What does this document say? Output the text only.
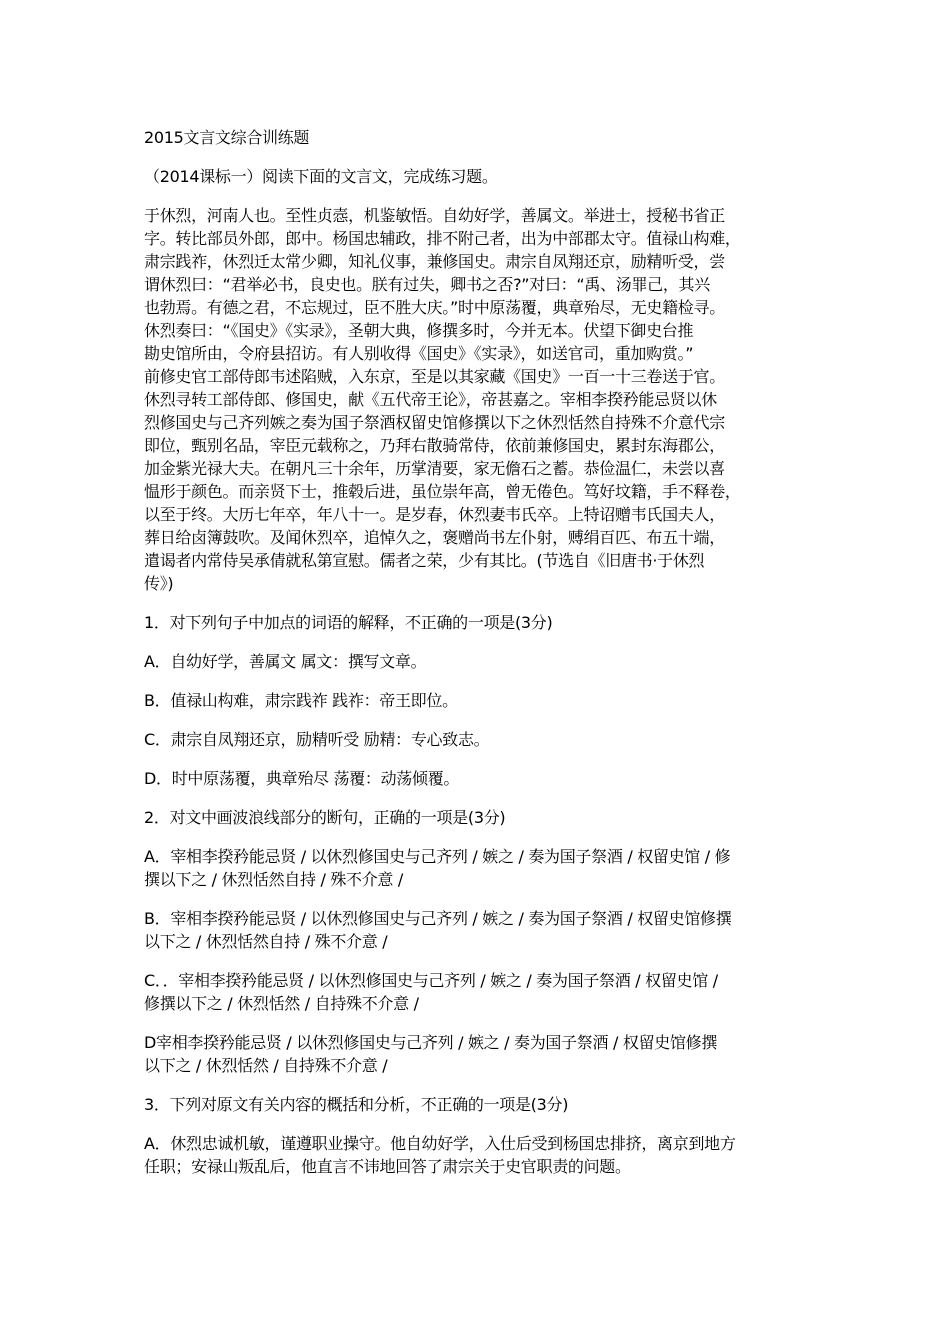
2015文言文综合训练题

（2014课标一）阅读下面的文言文，完成练习题。

于休烈，河南人也。至性贞悫，机鉴敏悟。自幼好学，善属文。举进士，授秘书省正
字。转比部员外郎，郎中。杨国忠辅政，排不附己者，出为中部郡太守。值禄山构难，
肃宗践祚，休烈迁太常少卿，知礼仪事，兼修国史。肃宗自凤翔还京，励精听受，尝
谓休烈曰：“君举必书，良史也。朕有过失，卿书之否?”对曰：“禹、汤罪己，其兴
也勃焉。有德之君，不忘规过，臣不胜大庆。”时中原荡覆，典章殆尽，无史籍检寻。
休烈奏曰：“《国史》《实录》，圣朝大典，修撰多时，今并无本。伏望下御史台推
勘史馆所由，令府县招访。有人别收得《国史》《实录》，如送官司，重加购赏。”
前修史官工部侍郎韦述陷贼，入东京，至是以其家藏《国史》一百一十三卷送于官。
休烈寻转工部侍郎、修国史，献《五代帝王论》，帝甚嘉之。宰相李揆矜能忌贤以休
烈修国史与己齐列嫉之奏为国子祭酒权留史馆修撰以下之休烈恬然自持殊不介意代宗
即位，甄别名品，宰臣元载称之，乃拜右散骑常侍，依前兼修国史，累封东海郡公，
加金紫光禄大夫。在朝凡三十余年，历掌清要，家无儋石之蓄。恭俭温仁，未尝以喜
愠形于颜色。而亲贤下士，推毂后进，虽位崇年高，曾无倦色。笃好坟籍，手不释卷，
以至于终。大历七年卒，年八十一。是岁春，休烈妻韦氏卒。上特诏赠韦氏国夫人，
葬日给卤簿鼓吹。及闻休烈卒，追悼久之，褒赠尚书左仆射，赙绢百匹、布五十端，
遣谒者内常侍吴承倩就私第宣慰。儒者之荣，少有其比。(节选自《旧唐书·于休烈
传》)

1．对下列句子中加点的词语的解释，不正确的一项是(3分)

A．自幼好学，善属文 属文：撰写文章。

B．值禄山构难，肃宗践祚 践祚：帝王即位。

C．肃宗自凤翔还京，励精听受 励精：专心致志。

D．时中原荡覆，典章殆尽 荡覆：动荡倾覆。

2．对文中画波浪线部分的断句，正确的一项是(3分)

A．宰相李揆矜能忌贤 / 以休烈修国史与己齐列 / 嫉之 / 奏为国子祭酒 / 权留史馆 / 修
撰以下之 / 休烈恬然自持 / 殊不介意 /

B．宰相李揆矜能忌贤 / 以休烈修国史与己齐列 / 嫉之 / 奏为国子祭酒 / 权留史馆修撰
以下之 / 休烈恬然自持 / 殊不介意 /

C．．宰相李揆矜能忌贤 / 以休烈修国史与己齐列 / 嫉之 / 奏为国子祭酒 / 权留史馆 /
修撰以下之 / 休烈恬然 / 自持殊不介意 /

D宰相李揆矜能忌贤 / 以休烈修国史与己齐列 / 嫉之 / 奏为国子祭酒 / 权留史馆修撰
以下之 / 休烈恬然 / 自持殊不介意 /

3．下列对原文有关内容的概括和分析，不正确的一项是(3分)

A．休烈忠诚机敏，谨遵职业操守。他自幼好学，入仕后受到杨国忠排挤，离京到地方
任职；安禄山叛乱后，他直言不讳地回答了肃宗关于史官职责的问题。
